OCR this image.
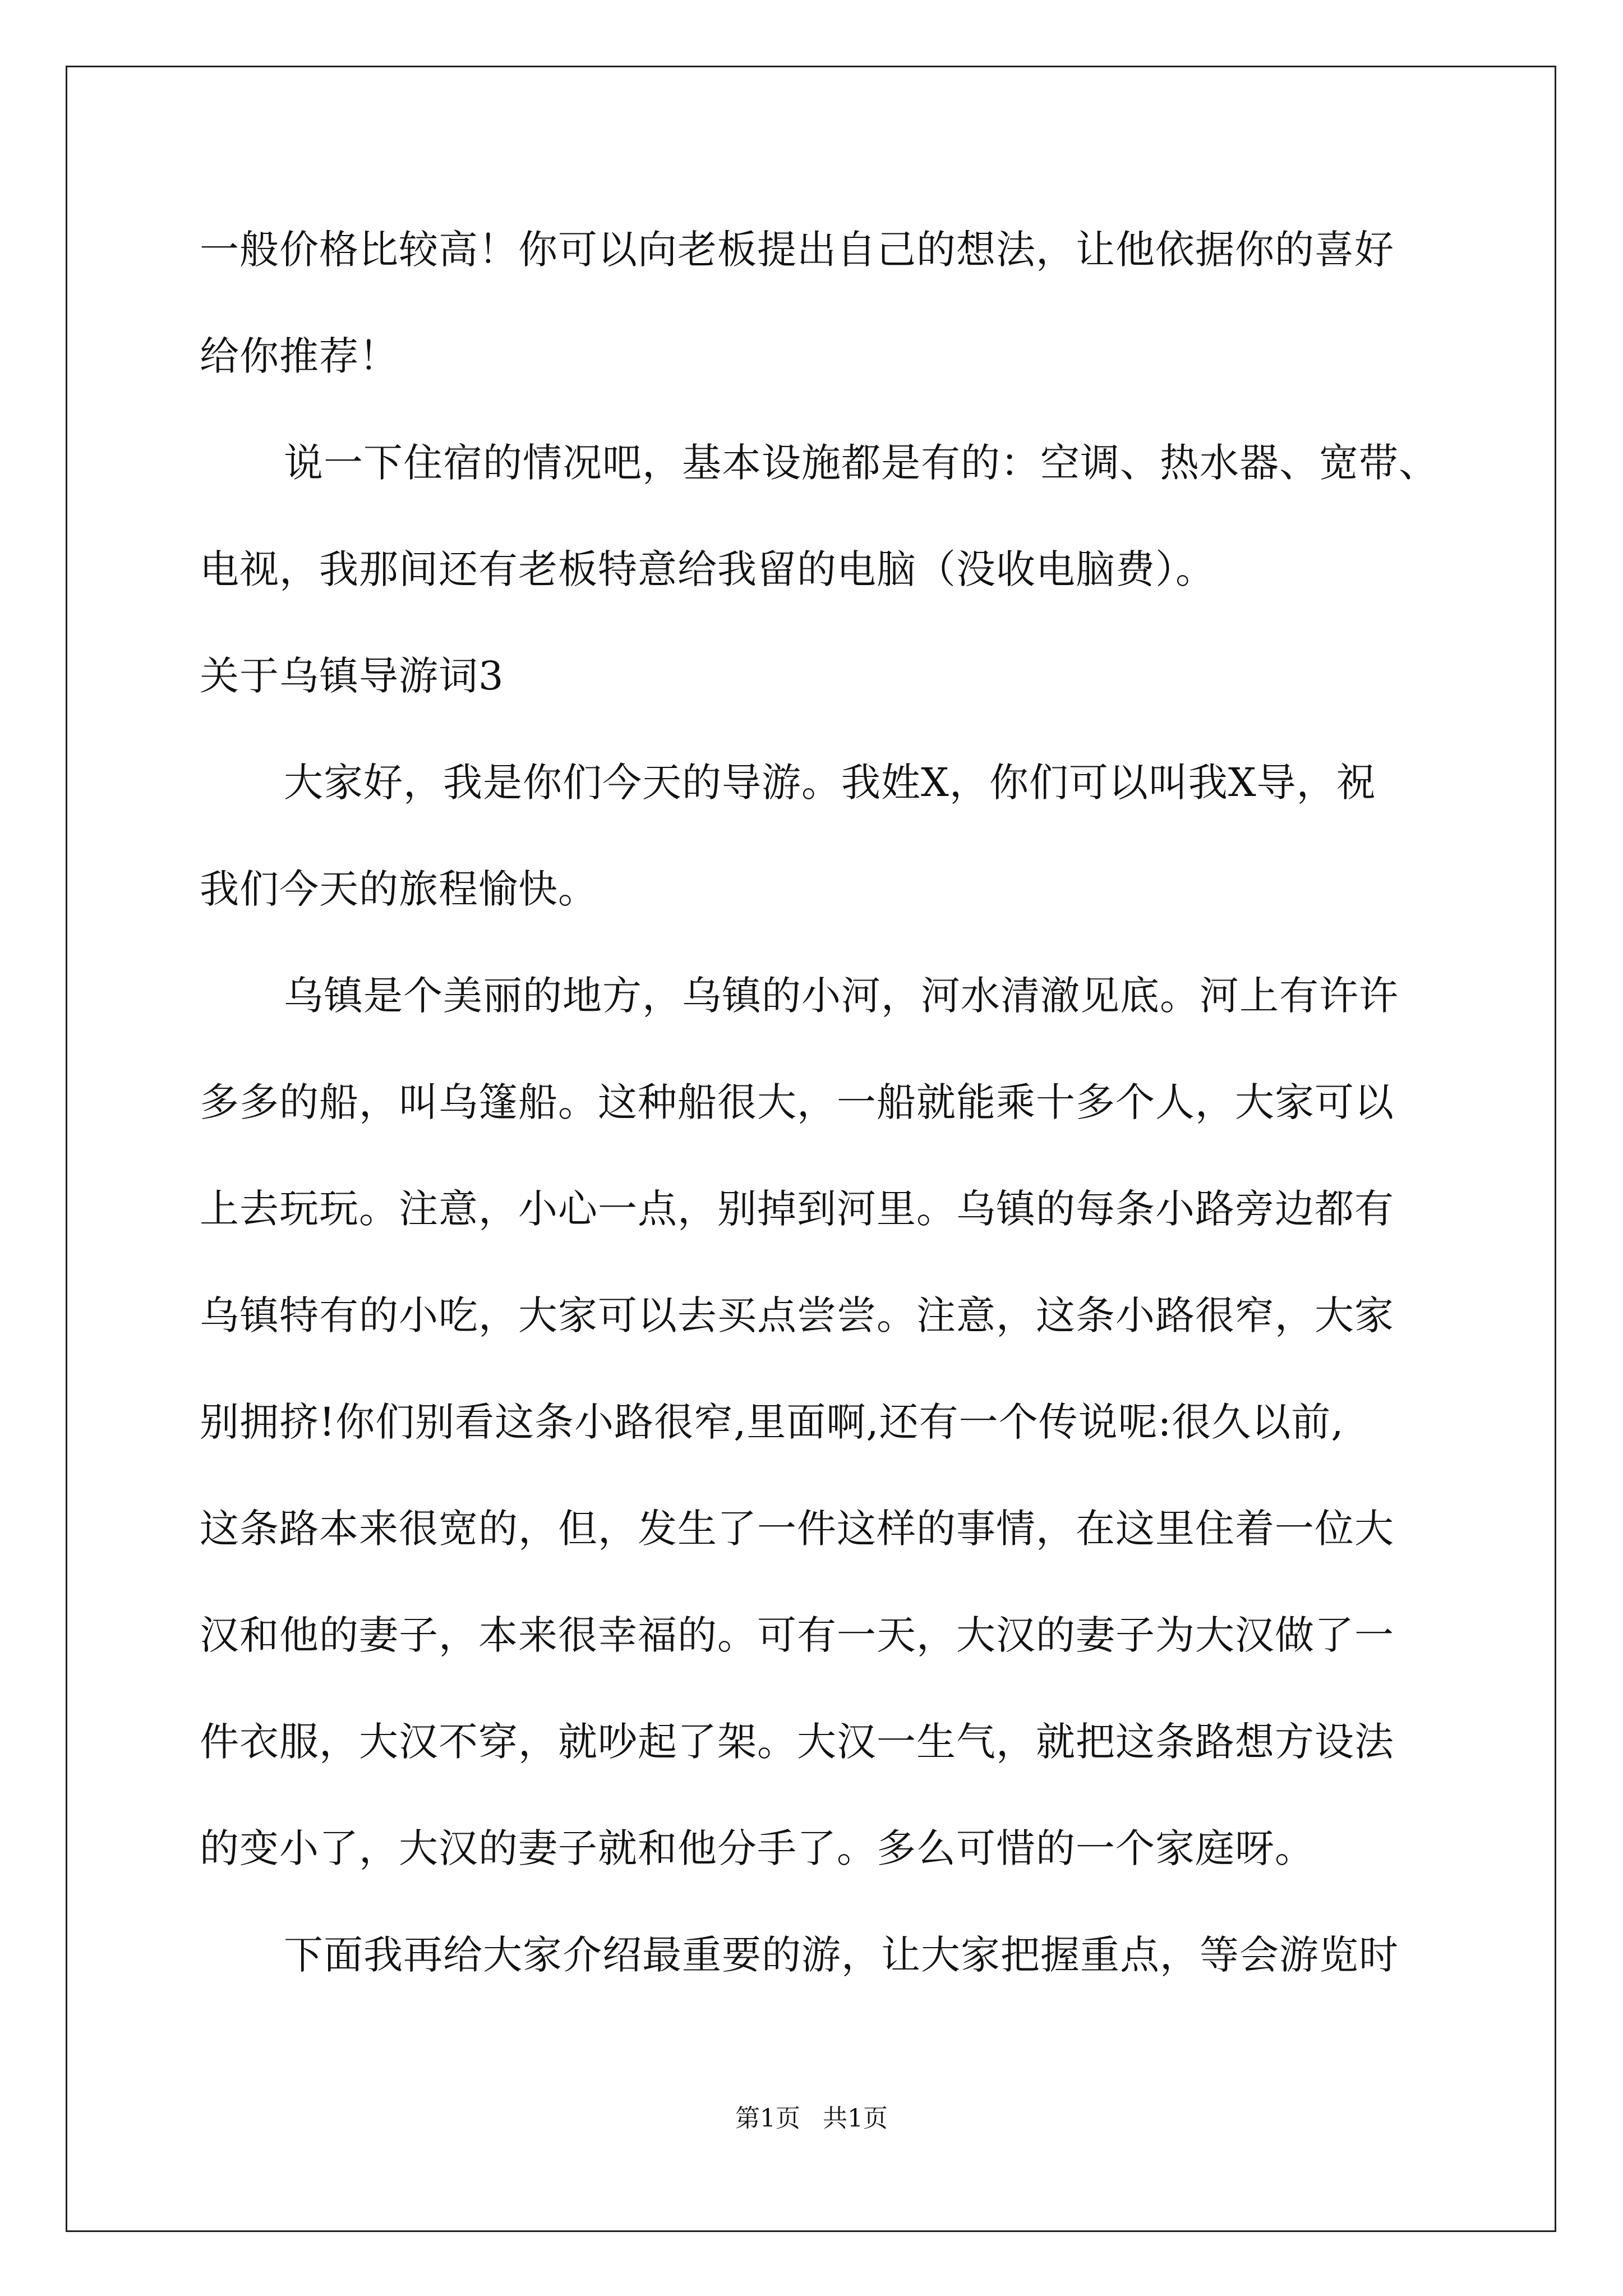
一般价格比较高！你可以向老板提出自己的想法，让他依据你的喜好
给你推荐！
说一下住宿的情况吧，基本设施都是有的：空调、热水器、宽带、
电视，我那间还有老板特意给我留的电脑（没收电脑费）。
关于乌镇导游词3
大家好，我是你们今天的导游。我姓X，你们可以叫我X导，祝
我们今天的旅程愉快。
乌镇是个美丽的地方，乌镇的小河，河水清澈见底。河上有许许
多多的船，叫乌篷船。这种船很大，一船就能乘十多个人，大家可以
上去玩玩。注意，小心一点，别掉到河里。乌镇的每条小路旁边都有
乌镇特有的小吃，大家可以去买点尝尝。注意，这条小路很窄，大家
别拥挤!你们别看这条小路很窄,里面啊,还有一个传说呢:很久以前,
这条路本来很宽的，但，发生了一件这样的事情，在这里住着一位大
汉和他的妻子，本来很幸福的。可有一天，大汉的妻子为大汉做了一
件衣服，大汉不穿，就吵起了架。大汉一生气，就把这条路想方设法
的变小了，大汉的妻子就和他分手了。多么可惜的一个家庭呀。
下面我再给大家介绍最重要的游，让大家把握重点，等会游览时
第1页 共1页
